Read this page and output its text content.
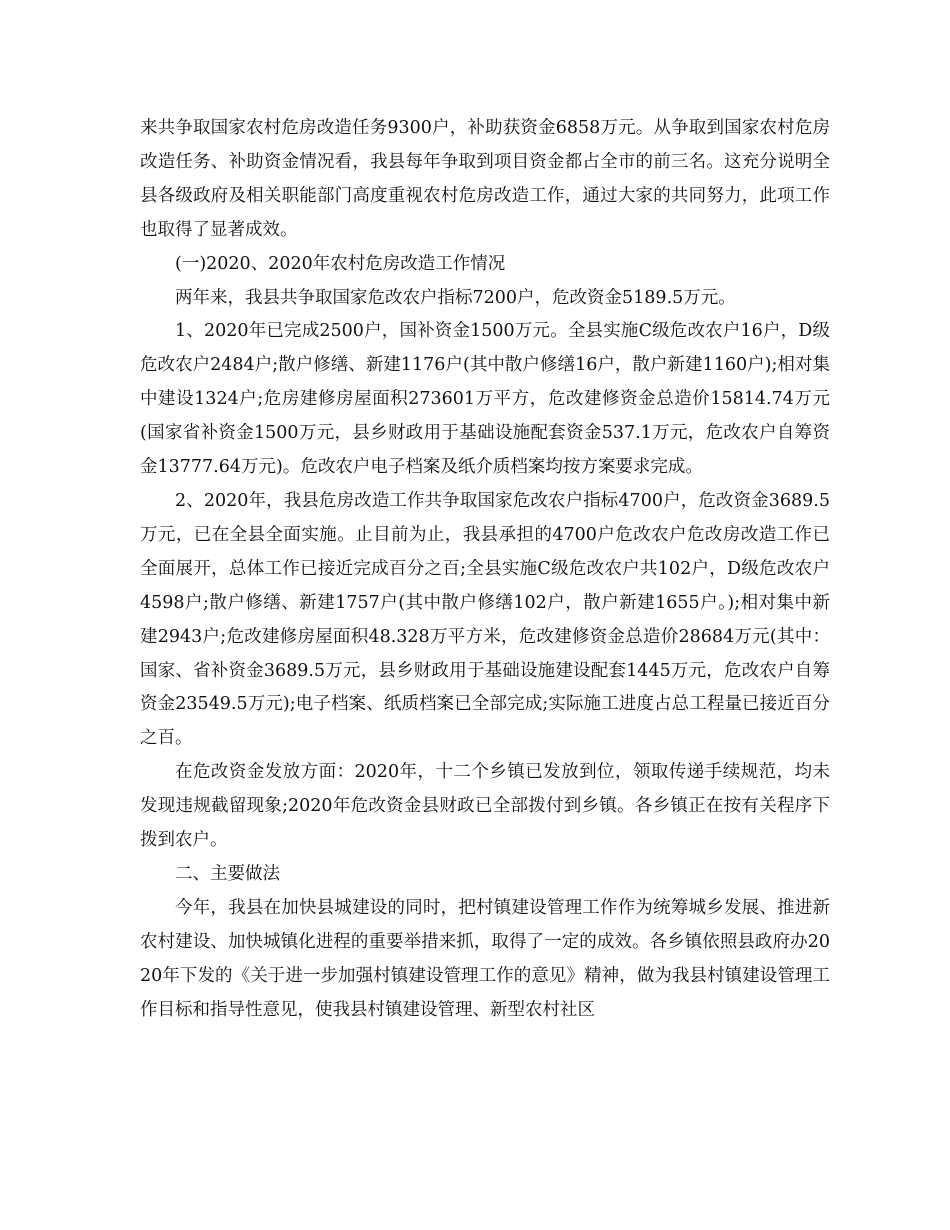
来共争取国家农村危房改造任务9300户，补助获资金6858万元。从争取到国家农村危房改造任务、补助资金情况看，我县每年争取到项目资金都占全市的前三名。这充分说明全县各级政府及相关职能部门高度重视农村危房改造工作，通过大家的共同努力，此项工作也取得了显著成效。

(一)2020、2020年农村危房改造工作情况

两年来，我县共争取国家危改农户指标7200户，危改资金5189.5万元。

1、2020年已完成2500户，国补资金1500万元。全县实施C级危改农户16户，D级危改农户2484户;散户修缮、新建1176户(其中散户修缮16户，散户新建1160户);相对集中建设1324户;危房建修房屋面积273601万平方，危改建修资金总造价15814.74万元(国家省补资金1500万元，县乡财政用于基础设施配套资金537.1万元，危改农户自筹资金13777.64万元)。危改农户电子档案及纸介质档案均按方案要求完成。

2、2020年，我县危房改造工作共争取国家危改农户指标4700户，危改资金3689.5万元，已在全县全面实施。止目前为止，我县承担的4700户危改农户危改房改造工作已全面展开，总体工作已接近完成百分之百;全县实施C级危改农户共102户，D级危改农户4598户;散户修缮、新建1757户(其中散户修缮102户，散户新建1655户。);相对集中新建2943户;危改建修房屋面积48.328万平方米，危改建修资金总造价28684万元(其中：国家、省补资金3689.5万元，县乡财政用于基础设施建设配套1445万元，危改农户自筹资金23549.5万元);电子档案、纸质档案已全部完成;实际施工进度占总工程量已接近百分之百。

在危改资金发放方面：2020年，十二个乡镇已发放到位，领取传递手续规范，均未发现违规截留现象;2020年危改资金县财政已全部拨付到乡镇。各乡镇正在按有关程序下拨到农户。

二、主要做法

今年，我县在加快县城建设的同时，把村镇建设管理工作作为统筹城乡发展、推进新农村建设、加快城镇化进程的重要举措来抓，取得了一定的成效。各乡镇依照县政府办2020年下发的《关于进一步加强村镇建设管理工作的意见》精神，做为我县村镇建设管理工作目标和指导性意见，使我县村镇建设管理、新型农村社区
